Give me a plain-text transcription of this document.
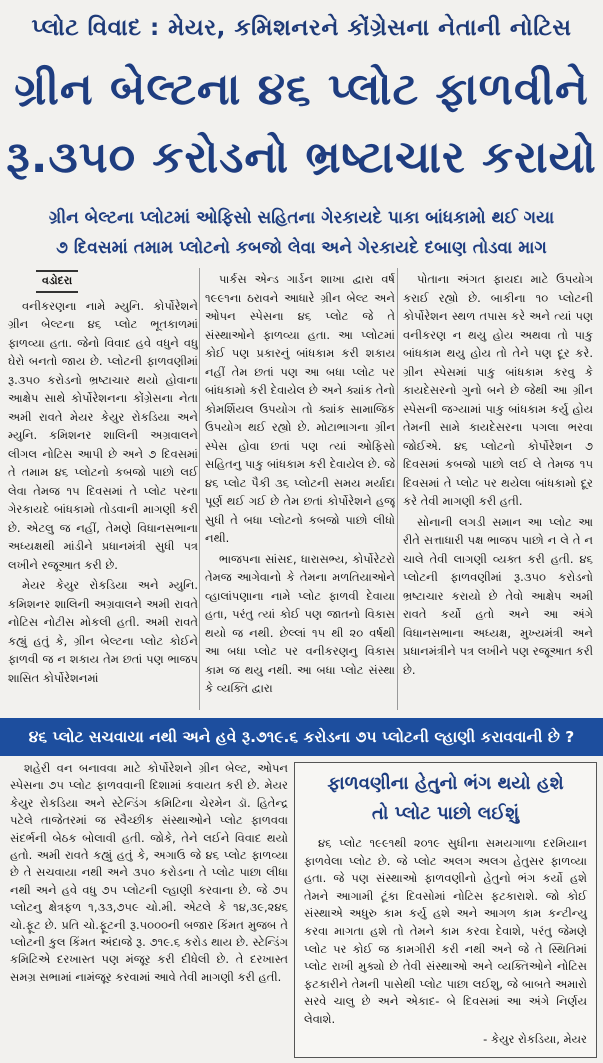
પ્લોટ વિવાદ : મેયર, કમિશનરને કોંગ્રેસના નેતાની નોટિસ
ગ્રીન બેલ્ટના ૪૬ પ્લોટ ફાળવીને
રૂ.૩૫૦ કરોડનો ભ્રષ્ટાચાર કરાયો
ગ્રીન બેલ્ટના પ્લોટમાં ઓફિસો સહિતના ગેરકાયદે પાકા બાંધકામો થઈ ગયા
૭ દિવસમાં તમામ પ્લોટનો કબજો લેવા અને ગેરકાયદે દબાણ તોડવા માગ
વડોદરા

વનીકરણના નામે મ્યુનિ. કોર્પોરેશને ગ્રીન બેલ્ટના ૪૬ પ્લોટ ભૂતકાળમાં ફાળવ્યા હતા. જેનો વિવાદ હવે વધુને વધુ ઘેરો બનતો જાય છે. પ્લોટની ફાળવણીમાં રૂ.૩૫૦ કરોડનો ભ્રષ્ટાચાર થયો હોવાના આક્ષેપ સાથે કોર્પોરેશનના કોંગ્રેસના નેતા અમી રાવતે મેયર કેયુર રોકડિયા અને મ્યુનિ. કમિશનર શાલિની અગ્રવાલને લીગલ નોટિસ આપી છે અને ૭ દિવસમાં તે તમામ ૪૬ પ્લોટનો કબજો પાછો લઈ લેવા તેમજ ૧૫ દિવસમાં તે પ્લોટ પરના ગેરકાયદે બાંધકામો તોડવાની માગણી કરી છે. એટલુ જ નહીં, તેમણે વિધાનસભાના અધ્યક્ષથી માંડીને પ્રધાનમંત્રી સુધી પત્ર લખીને રજૂઆત કરી છે.

મેયર કેયુર રોકડિયા અને મ્યુનિ. કમિશનર શાલિની અગ્રવાલને અમી રાવતે નોટિસ નોટીસ મોકલી હતી. અમી રાવતે કહ્યું હતું કે, ગ્રીન બેલ્ટના પ્લોટ કોઈને ફાળવી જ ન શકાય તેમ છતાં પણ ભાજપ શાસિત કોર્પોરેશનમાં

પાર્કસ એન્ડ ગાર્ડન શાખા દ્વારા વર્ષ ૧૯૯૧ના ઠરાવને આધારે ગ્રીન બેલ્ટ અને ઓપન સ્પેસના ૪૬ પ્લોટ જે તે સંસ્થાઓને ફાળવ્યા હતા. આ પ્લોટમાં કોઈ પણ પ્રકારનું બાંધકામ કરી શકાય નહીં તેમ છતાં પણ આ બધા પ્લોટ પર બાંધકામો કરી દેવાયેલ છે અને ક્યાંક તેનો કોમર્શિયલ ઉપયોગ તો ક્યાંક સામાજિક ઉપયોગ થઈ રહ્યો છે. મોટાભાગના ગ્રીન સ્પેસ હોવા છતાં પણ ત્યાં ઓફિસો સહિતનુ પાકુ બાંધકામ કરી દેવાયેલ છે. જે ૪૬ પ્લોટ પૈકી ૩૬ પ્લોટની સમય મર્યાદા પૂર્ણ થઈ ગઈ છે તેમ છતાં કોર્પોરેશને હજૂ સુધી તે બધા પ્લોટનો કબજો પાછો લીધો નથી.

ભાજપના સાંસદ, ધારાસભ્ય, કોર્પોરેટરો તેમજ આગેવાનો કે તેમના મળતિયાઓને વ્હાલાંપણાના નામે પ્લોટ ફાળવી દેવાયા હતા, પરંતુ ત્યાં કોઈ પણ જાતનો વિકાસ થયો જ નથી. છેલ્લાં ૧૫ થી ૨૦ વર્ષથી આ બધા પ્લોટ પર વનીકરણનુ વિકાસ કામ જ થયુ નથી. આ બધા પ્લોટ સંસ્થા કે વ્યક્તિ દ્વારા

પોતાના અંગત ફાયદા માટે ઉપયોગ કરાઈ રહ્યો છે. બાકીના ૧૦ પ્લોટની કોર્પોરેશન સ્થળ તપાસ કરે અને ત્યાં પણ વનીકરણ ન થયુ હોય અથવા તો પાકુ બાંધકામ થયુ હોય તો તેને પણ દૂર કરે. ગ્રીન સ્પેસમાં પાકુ બાંધકામ કરવુ કે કાયદેસરનો ગુનો બને છે જેથી આ ગ્રીન સ્પેસની જગ્યામાં પાકુ બાંધકામ કર્યુ હોય તેમની સામે કાયદેસરના પગલા ભરવા જોઈએ. ૪૬ પ્લોટનો કોર્પોરેશન ૭ દિવસમાં કબજો પાછો લઈ લે તેમજ ૧૫ દિવસમાં તે પ્લોટ પર થયેલા બાંધકામો દૂર કરે તેવી માગણી કરી હતી.

સોનાની લગડી સમાન આ પ્લોટ આ રીતે સત્તાધારી પક્ષ ભાજપ પાછો ન લે તે ન ચાલે તેવી લાગણી વ્યક્ત કરી હતી. ૪૬ પ્લોટની ફાળવણીમાં રૂ.૩૫૦ કરોડનો ભ્રષ્ટાચાર કરાયો છે તેવો આક્ષેપ અમી રાવતે કર્યો હતો અને આ અંગે વિધાનસભાના અધ્યક્ષ, મુખ્યમંત્રી અને પ્રધાનમંત્રીને પત્ર લખીને પણ રજૂઆત કરી છે.

૪૬ પ્લોટ સચવાયા નથી અને હવે રૂ.૭૧૯.૬ કરોડના ૭૫ પ્લોટની લ્હાણી કરાવવાની છે ?

શહેરી વન બનાવવા માટે કોર્પોરેશને ગ્રીન બેલ્ટ, ઓપન સ્પેસના ૭૫ પ્લોટ ફાળવવાની દિશામાં કવાયત કરી છે. મેયર કેયુર રોકડિયા અને સ્ટેન્ડિંગ કમિટિના ચેરમેન ડૉ. હિતેન્દ્ર પટેલે તાજેતરમાં જ સ્વૈચ્છીક સંસ્થાઓને પ્લોટ ફાળવવા સંદર્ભની બેઠક બોલાવી હતી. જોકે, તેને લઈને વિવાદ થયો હતો. અમી રાવતે કહ્યું હતું કે, અગાઉ જે ૪૬ પ્લોટ ફાળવ્યા છે તે સચવાયા નથી અને ૩૫૦ કરોડના તે પ્લોટ પાછા લીધા નથી અને હવે વધુ ૭૫ પ્લોટની લ્હાણી કરવાના છે. જે ૭૫ પ્લોટનુ ક્ષેત્રફળ ૧,૩૩,૭૫૯ ચો.મી. એટલે કે ૧૪,૩૯,૨૪૬ ચો.ફૂટ છે. પ્રતિ ચો.ફૂટની રૂ.૫૦૦૦ની બજાર કિંમત મુજબ તે પ્લોટની કુલ કિંમત અંદાજે રૂ. ૭૧૯.૬ કરોડ થાય છે. સ્ટેન્ડિંગ કમિટિએ દરખાસ્ત પણ મંજૂર કરી દીધેલી છે. તે દરખાસ્ત સમગ્ર સભામાં નામંજૂર કરવામાં આવે તેવી માગણી કરી હતી.

ફાળવણીના હેતુનો ભંગ થયો હશે
તો પ્લોટ પાછો લઈશું

૪૬ પ્લોટ ૧૯૯૧થી ૨૦૧૯ સુધીના સમયગાળા દરમિયાન ફાળવેલા પ્લોટ છે. જે પ્લોટ અલગ અલગ હેતુસર ફાળવ્યા હતા. જે પણ સંસ્થાઓ ફાળવણીનો હેતુનો ભંગ કર્યો હશે તેમને આગામી ટૂંકા દિવસોમાં નોટિસ ફટકારાશે. જો કોઈ સંસ્થાએ અધુરુ કામ કર્યુ હશે અને આગળ કામ કન્ટીન્યુ કરવા માગતા હશે તો તેમને કામ કરવા દેવાશે, પરંતુ જેમણે પ્લોટ પર કોઈ જ કામગીરી કરી નથી અને જે તે સ્થિતિમાં પ્લોટ રાખી મુક્યો છે તેવી સંસ્થાઓ અને વ્યક્તિઓને નોટિસ ફટકારીને તેમની પાસેથી પ્લોટ પાછા લઈશુ, જે બાબતે અમારો સરવે ચાલુ છે અને એકાદ- બે દિવસમાં આ અંગે નિર્ણય લેવાશે.

- કેયુર રોકડિયા, મેયર
